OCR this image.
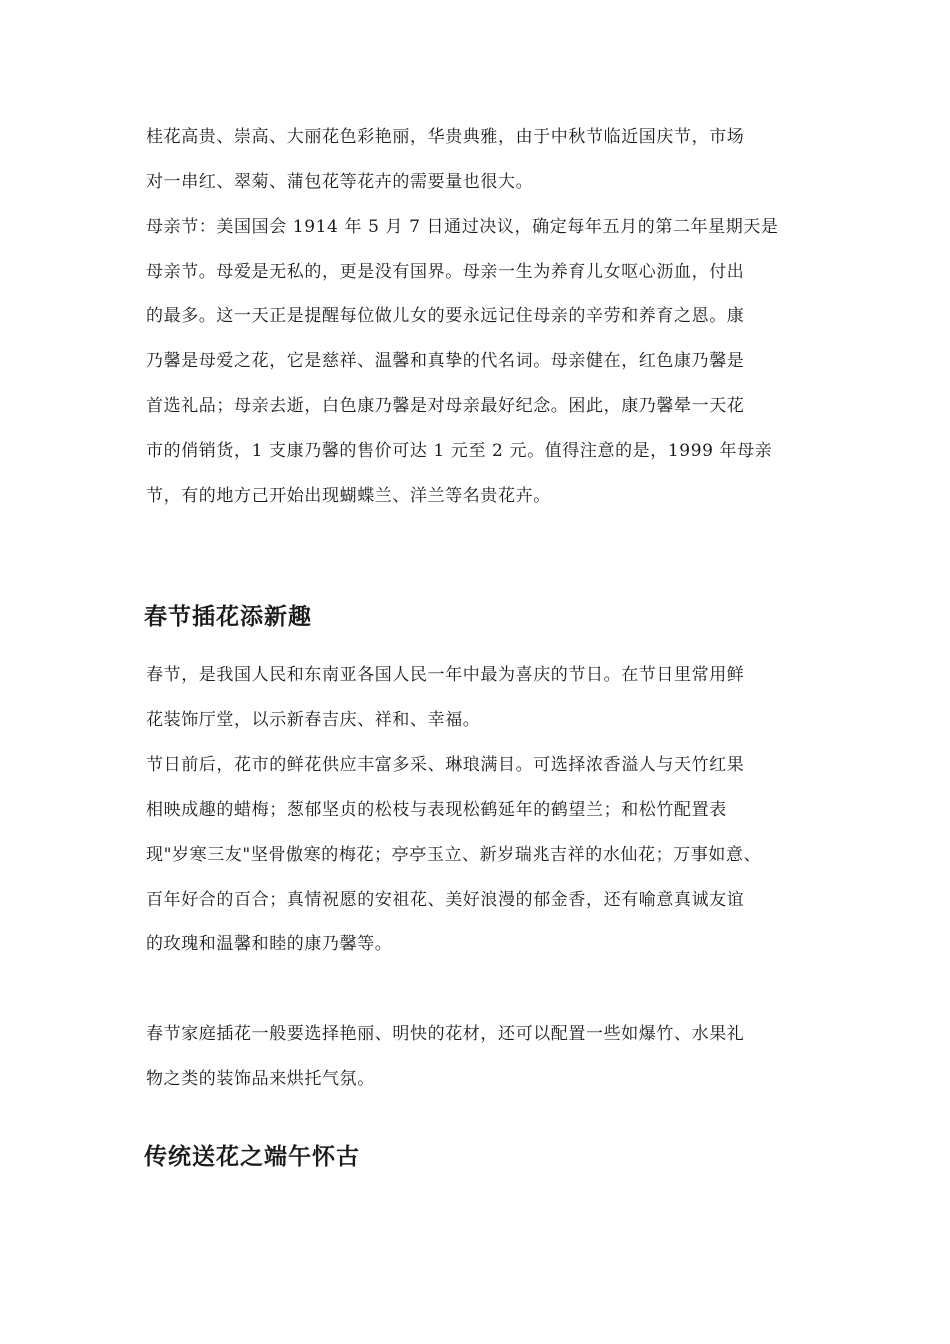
桂花高贵、崇高、大丽花色彩艳丽，华贵典雅，由于中秋节临近国庆节，市场
对一串红、翠菊、蒲包花等花卉的需要量也很大。
母亲节：美国国会 1914 年 5 月 7 日通过决议，确定每年五月的第二年星期天是
母亲节。母爱是无私的，更是没有国界。母亲一生为养育儿女呕心沥血，付出
的最多。这一天正是提醒每位做儿女的要永远记住母亲的辛劳和养育之恩。康
乃馨是母爱之花，它是慈祥、温馨和真挚的代名词。母亲健在，红色康乃馨是
首选礼品；母亲去逝，白色康乃馨是对母亲最好纪念。困此，康乃馨晕一天花
市的俏销货，1 支康乃馨的售价可达 1 元至 2 元。值得注意的是，1999 年母亲
节，有的地方己开始出现蝴蝶兰、洋兰等名贵花卉。
春节插花添新趣
春节，是我国人民和东南亚各国人民一年中最为喜庆的节日。在节日里常用鲜
花装饰厅堂，以示新春吉庆、祥和、幸福。
节日前后，花市的鲜花供应丰富多采、琳琅满目。可选择浓香溢人与天竹红果
相映成趣的蜡梅；葱郁坚贞的松枝与表现松鹤延年的鹤望兰；和松竹配置表
现"岁寒三友"坚骨傲寒的梅花；亭亭玉立、新岁瑞兆吉祥的水仙花；万事如意、
百年好合的百合；真情祝愿的安祖花、美好浪漫的郁金香，还有喻意真诚友谊
的玫瑰和温馨和睦的康乃馨等。
春节家庭插花一般要选择艳丽、明快的花材，还可以配置一些如爆竹、水果礼
物之类的装饰品来烘托气氛。
传统送花之端午怀古
